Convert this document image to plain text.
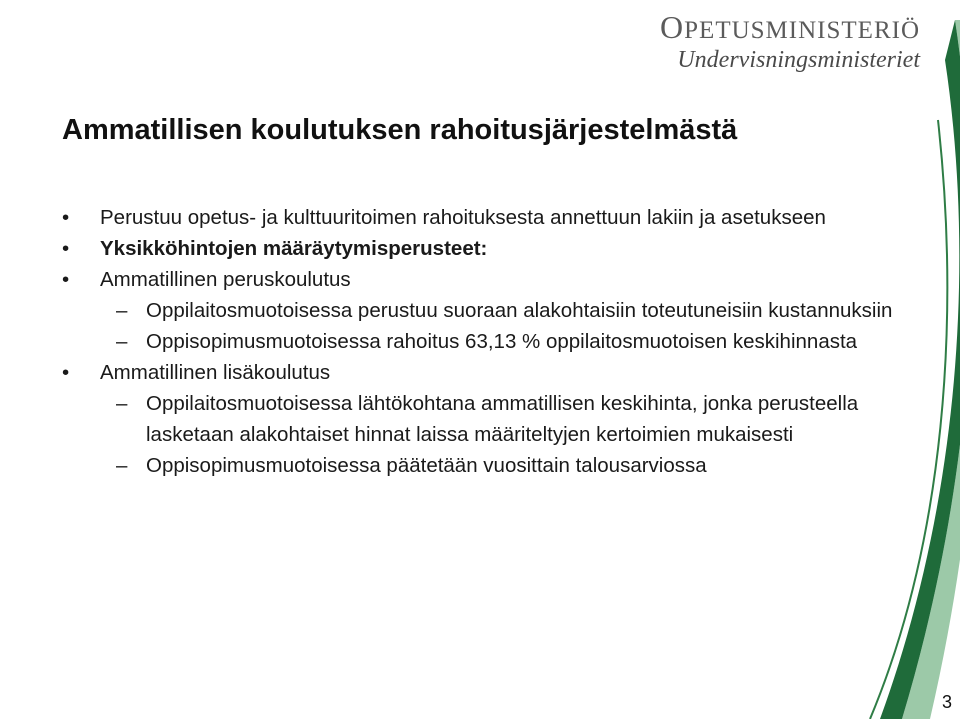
OPETUSMINISTERIÖ
Undervisningsministeriet
Ammatillisen koulutuksen rahoitusjärjestelmästä
•	Perustuu opetus- ja kulttuuritoimen rahoituksesta annettuun lakiin ja asetukseen
•	Yksikköhintojen määräytymisperusteet:
•	Ammatillinen peruskoulutus
– Oppilaitosmuotoisessa perustuu suoraan alakohtaisiin toteutuneisiin kustannuksiin
– Oppisopimusmuotoisessa rahoitus 63,13 % oppilaitosmuotoisen keskihinnasta
•	Ammatillinen lisäkoulutus
– Oppilaitosmuotoisessa lähtökohtana ammatillisen keskihinta, jonka perusteella lasketaan alakohtaiset hinnat laissa määriteltyjen kertoimien mukaisesti
– Oppisopimusmuotoisessa päätetään vuosittain talousarviossa
3
